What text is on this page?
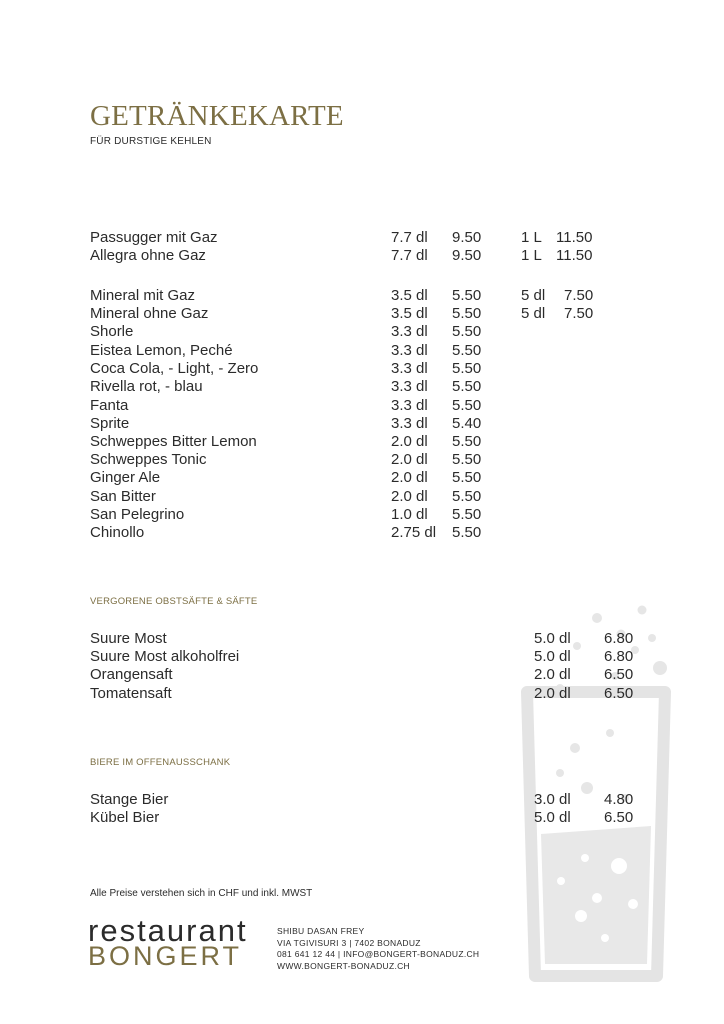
GETRÄNKEKARTE
FÜR DURSTIGE KEHLEN
Passugger mit Gaz	7.7 dl 9.50	1 L 11.50
Allegra ohne Gaz	7.7 dl 9.50	1 L 11.50
Mineral mit Gaz	3.5 dl 5.50	5 dl 7.50
Mineral ohne Gaz	3.5 dl 5.50	5 dl 7.50
Shorle	3.3 dl 5.50
Eistea Lemon, Peché	3.3 dl 5.50
Coca Cola, - Light, - Zero	3.3 dl 5.50
Rivella rot, - blau	3.3 dl 5.50
Fanta	3.3 dl 5.50
Sprite	3.3 dl 5.40
Schweppes Bitter Lemon	2.0 dl 5.50
Schweppes Tonic	2.0 dl 5.50
Ginger Ale	2.0 dl 5.50
San Bitter	2.0 dl 5.50
San Pelegrino	1.0 dl 5.50
Chinollo	2.75 dl 5.50
VERGORENE OBSTSÄFTE & SÄFTE
Suure Most	5.0 dl 6.80
Suure Most alkoholfrei	5.0 dl 6.80
Orangensaft	2.0 dl 6.50
Tomatensaft	2.0 dl 6.50
BIERE IM OFFENAUSSCHANK
Stange Bier	3.0 dl 4.80
Kübel Bier	5.0 dl 6.50
Alle Preise verstehen sich in CHF und inkl. MWST
restaurant
BONGERT
SHIBU DASAN FREY
VIA TGIVISURI 3 | 7402 BONADUZ
081 641 12 44 | INFO@BONGERT-BONADUZ.CH
WWW.BONGERT-BONADUZ.CH
